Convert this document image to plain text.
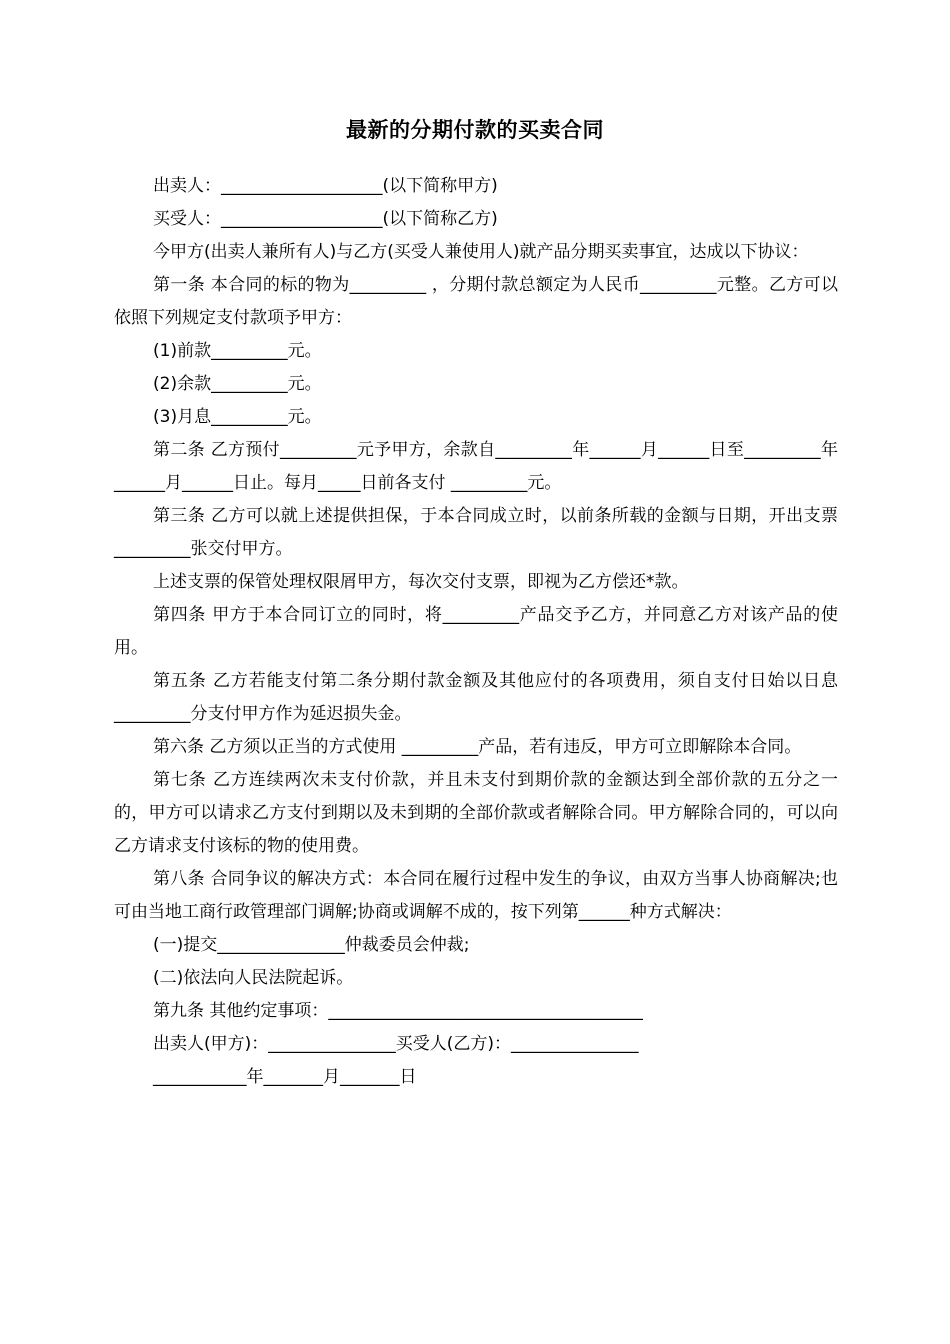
最新的分期付款的买卖合同

出卖人：___________________(以下简称甲方)

买受人：___________________(以下简称乙方)

今甲方(出卖人兼所有人)与乙方(买受人兼使用人)就产品分期买卖事宜，达成以下协议：

第一条 本合同的标的物为_________ ，分期付款总额定为人民币_________元整。乙方可以依照下列规定支付款项予甲方：

(1)前款_________元。

(2)余款_________元。

(3)月息_________元。

第二条 乙方预付_________元予甲方，余款自_________年______月______日至_________年______月______日止。每月_____日前各支付 _________元。

第三条 乙方可以就上述提供担保，于本合同成立时，以前条所载的金额与日期，开出支票_________张交付甲方。

上述支票的保管处理权限屑甲方，每次交付支票，即视为乙方偿还*款。

第四条 甲方于本合同订立的同时，将_________产品交予乙方，并同意乙方对该产品的使用。

第五条 乙方若能支付第二条分期付款金额及其他应付的各项费用，须自支付日始以日息_________分支付甲方作为延迟损失金。

第六条 乙方须以正当的方式使用 _________产品，若有违反，甲方可立即解除本合同。

第七条 乙方连续两次未支付价款，并且未支付到期价款的金额达到全部价款的五分之一的，甲方可以请求乙方支付到期以及未到期的全部价款或者解除合同。甲方解除合同的，可以向乙方请求支付该标的物的使用费。

第八条 合同争议的解决方式：本合同在履行过程中发生的争议，由双方当事人协商解决;也可由当地工商行政管理部门调解;协商或调解不成的，按下列第______种方式解决：

(一)提交_______________仲裁委员会仲裁;

(二)依法向人民法院起诉。

第九条 其他约定事项：_____________________________________

出卖人(甲方)：_______________买受人(乙方)：_______________

___________年_______月_______日
